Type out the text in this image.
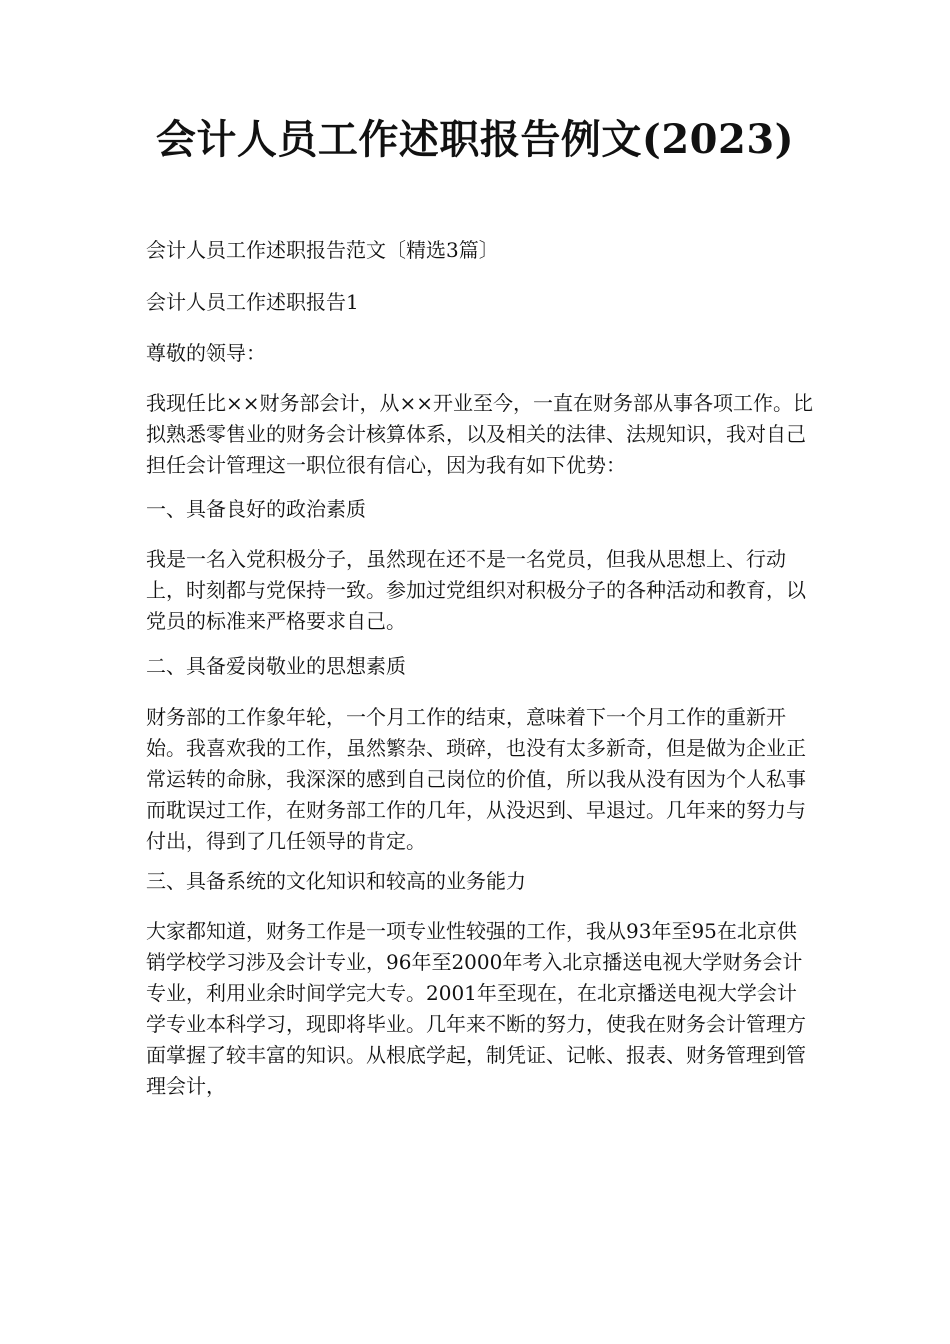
会计人员工作述职报告例文(2023)

会计人员工作述职报告范文〔精选3篇〕

会计人员工作述职报告1

尊敬的领导：

我现任比××财务部会计，从××开业至今，一直在财务部从事各项工作。比拟熟悉零售业的财务会计核算体系，以及相关的法律、法规知识，我对自己担任会计管理这一职位很有信心，因为我有如下优势：

一、具备良好的政治素质

我是一名入党积极分子，虽然现在还不是一名党员，但我从思想上、行动上，时刻都与党保持一致。参加过党组织对积极分子的各种活动和教育，以党员的标准来严格要求自己。

二、具备爱岗敬业的思想素质

财务部的工作象年轮，一个月工作的结束，意味着下一个月工作的重新开始。我喜欢我的工作，虽然繁杂、琐碎，也没有太多新奇，但是做为企业正常运转的命脉，我深深的感到自己岗位的价值，所以我从没有因为个人私事而耽误过工作，在财务部工作的几年，从没迟到、早退过。几年来的努力与付出，得到了几任领导的肯定。

三、具备系统的文化知识和较高的业务能力

大家都知道，财务工作是一项专业性较强的工作，我从93年至95在北京供销学校学习涉及会计专业，96年至2000年考入北京播送电视大学财务会计专业，利用业余时间学完大专。2001年至现在，在北京播送电视大学会计学专业本科学习，现即将毕业。几年来不断的努力，使我在财务会计管理方面掌握了较丰富的知识。从根底学起，制凭证、记帐、报表、财务管理到管理会计，
